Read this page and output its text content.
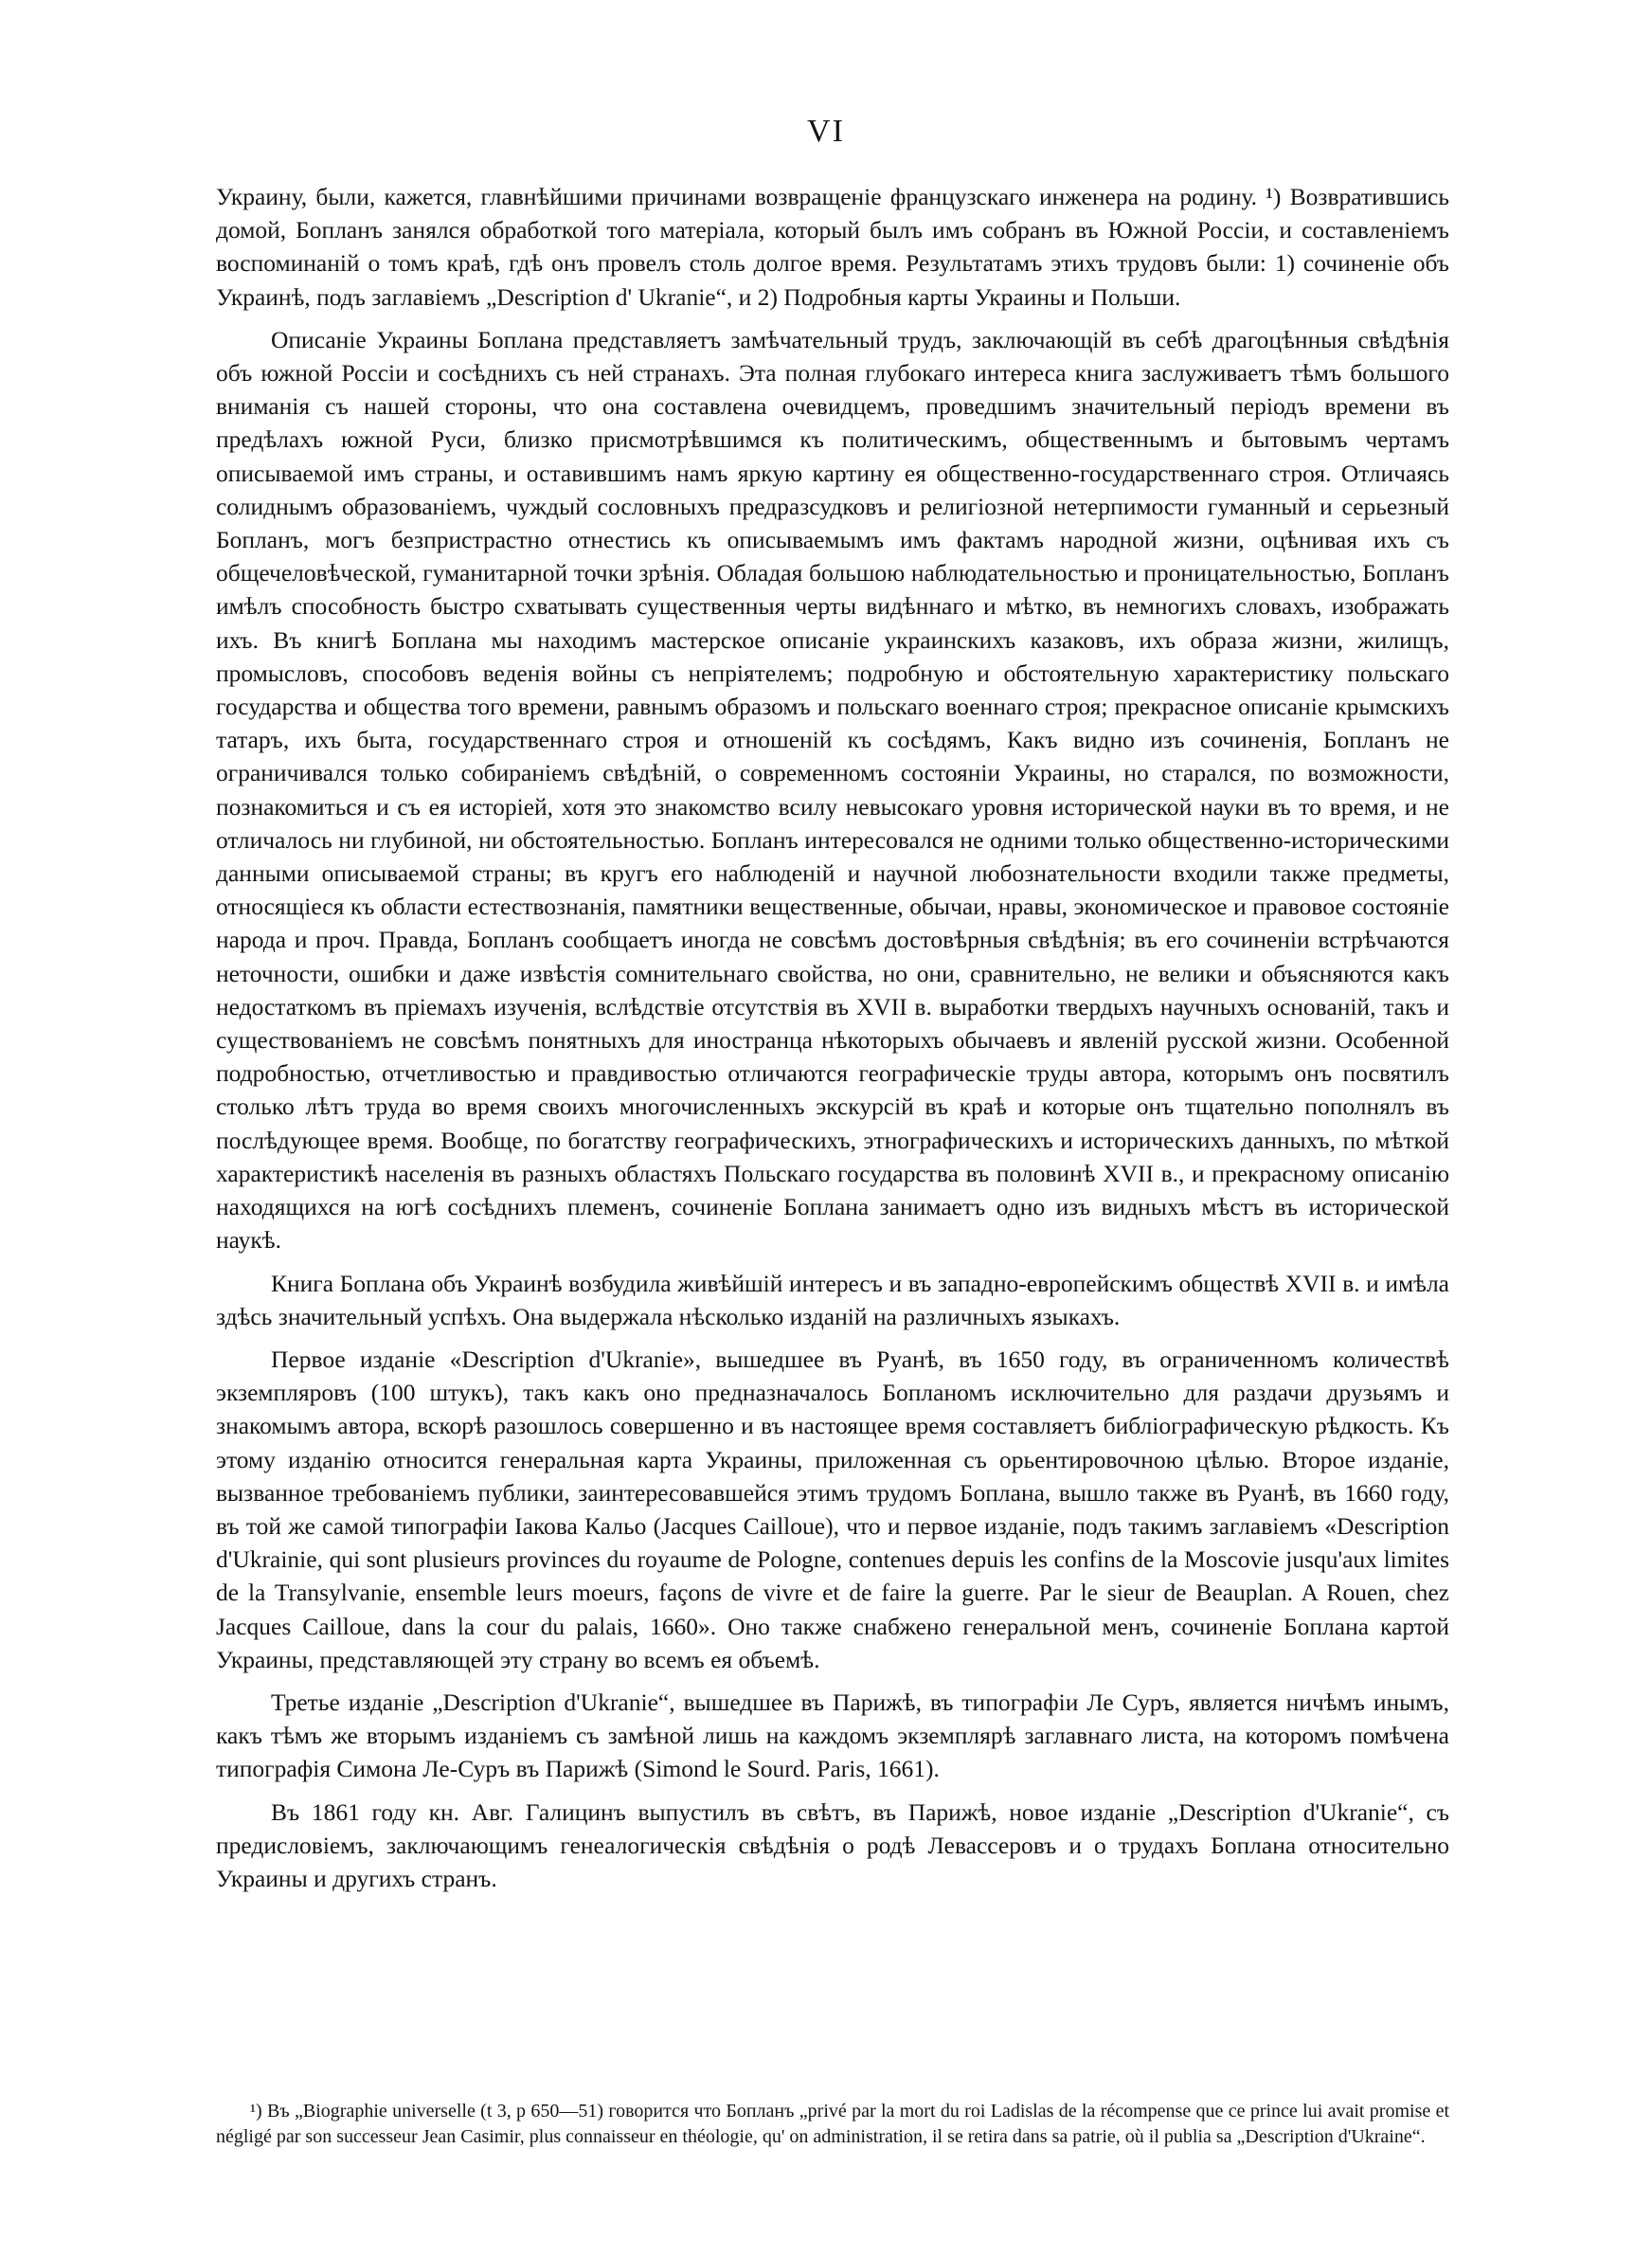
VI

Украину, были, кажется, главнѣйшими причинами возвращеніе французскаго инженера на родину. ¹) Возвратившись домой, Бопланъ занялся обработкой того матеріала, который былъ имъ собранъ въ Южной Россіи, и составленіемъ воспоминаній о томъ краѣ, гдѣ онъ провелъ столь долгое время. Результатамъ этихъ трудовъ были: 1) сочиненіе объ Украинѣ, подъ заглавіемъ „Description d' Ukranie“, и 2) Подробныя карты Украины и Польши.

Описаніе Украины Боплана представляетъ замѣчательный трудъ, заключающій въ себѣ драгоцѣнныя свѣдѣнія объ южной Россіи и сосѣднихъ съ ней странахъ. Эта полная глубокаго интереса книга заслуживаетъ тѣмъ большого вниманія съ нашей стороны, что она составлена очевидцемъ, проведшимъ значительный періодъ времени въ предѣлахъ южной Руси, близко присмотрѣвшимся къ политическимъ, общественнымъ и бытовымъ чертамъ описываемой имъ страны, и оставившимъ намъ яркую картину ея общественно-государственнаго строя. Отличаясь солиднымъ образованіемъ, чуждый сословныхъ предразсудковъ и религіозной нетерпимости гуманный и серьезный Бопланъ, могъ безпристрастно отнестись къ описываемымъ имъ фактамъ народной жизни, оцѣнивая ихъ съ общечеловѣческой, гуманитарной точки зрѣнія. Обладая большою наблюдательностью и проницательностью, Бопланъ имѣлъ способность быстро схватывать существенныя черты видѣннаго и мѣтко, въ немногихъ словахъ, изображать ихъ. Въ книгѣ Боплана мы находимъ мастерское описаніе украинскихъ казаковъ, ихъ образа жизни, жилищъ, промысловъ, способовъ веденія войны съ непріятелемъ; подробную и обстоятельную характеристику польскаго государства и общества того времени, равнымъ образомъ и польскаго военнаго строя; прекрасное описаніе крымскихъ татаръ, ихъ быта, государственнаго строя и отношеній къ сосѣдямъ, Какъ видно изъ сочиненія, Бопланъ не ограничивался только собираніемъ свѣдѣній, о современномъ состояніи Украины, но старался, по возможности, познакомиться и съ ея исторіей, хотя это знакомство всилу невысокаго уровня исторической науки въ то время, и не отличалось ни глубиной, ни обстоятельностью. Бопланъ интересовался не одними только общественно-историческими данными описываемой страны; въ кругъ его наблюденій и научной любознательности входили также предметы, относящіеся къ области естествознанія, памятники вещественные, обычаи, нравы, экономическое и правовое состояніе народа и проч. Правда, Бопланъ сообщаетъ иногда не совсѣмъ достовѣрныя свѣдѣнія; въ его сочиненіи встрѣчаются неточности, ошибки и даже извѣстія сомнительнаго свойства, но они, сравнительно, не велики и объясняются какъ недостаткомъ въ пріемахъ изученія, вслѣдствіе отсутствія въ XVII в. выработки твердыхъ научныхъ основаній, такъ и существованіемъ не совсѣмъ понятныхъ для иностранца нѣкоторыхъ обычаевъ и явленій русской жизни. Особенной подробностью, отчетливостью и правдивостью отличаются географическіе труды автора, которымъ онъ посвятилъ столько лѣтъ труда во время своихъ многочисленныхъ экскурсій въ краѣ и которые онъ тщательно пополнялъ въ послѣдующее время. Вообще, по богатству географическихъ, этнографическихъ и историческихъ данныхъ, по мѣткой характеристикѣ населенія въ разныхъ областяхъ Польскаго государства въ половинѣ XVII в., и прекрасному описанію находящихся на югѣ сосѣднихъ племенъ, сочиненіе Боплана занимаетъ одно изъ видныхъ мѣстъ въ исторической наукѣ.

Книга Боплана объ Украинѣ возбудила живѣйшій интересъ и въ западно-европейскимъ обществѣ XVII в. и имѣла здѣсь значительный успѣхъ. Она выдержала нѣсколько изданій на различныхъ языкахъ.

Первое изданіе «Description d'Ukranie», вышедшее въ Руанѣ, въ 1650 году, въ ограниченномъ количествѣ экземпляровъ (100 штукъ), такъ какъ оно предназначалось Бопланомъ исключительно для раздачи друзьямъ и знакомымъ автора, вскорѣ разошлось совершенно и въ настоящее время составляетъ библіографическую рѣдкость. Къ этому изданію относится генеральная карта Украины, приложенная съ орьентировочною цѣлью. Второе изданіе, вызванное требованіемъ публики, заинтересовавшейся этимъ трудомъ Боплана, вышло также въ Руанѣ, въ 1660 году, въ той же самой типографіи Іакова Кальо (Jacques Cailloue), что и первое изданіе, подъ такимъ заглавіемъ «Description d'Ukrainie, qui sont plusieurs provinces du royaume de Pologne, contenues depuis les confins de la Moscovie jusqu'aux limites de la Transylvanie, ensemble leurs moeurs, façons de vivre et de faire la guerre. Par le sieur de Beauplan. A Rouen, chez Jacques Cailloue, dans la cour du palais, 1660». Оно также снабжено генеральной менъ, сочиненіе Боплана картой Украины, представляющей эту страну во всемъ ея объемѣ.

Третье изданіе „Description d'Ukranie“, вышедшее въ Парижѣ, въ типографіи Ле Суръ, является ничѣмъ инымъ, какъ тѣмъ же вторымъ изданіемъ съ замѣной лишь на каждомъ экземплярѣ заглавнаго листа, на которомъ помѣчена типографія Симона Ле-Суръ въ Парижѣ (Simond le Sourd. Paris, 1661).

Въ 1861 году кн. Авг. Галицинъ выпустилъ въ свѣтъ, въ Парижѣ, новое изданіе „Description d'Ukranie“, съ предисловіемъ, заключающимъ генеалогическія свѣдѣнія о родѣ Левассеровъ и о трудахъ Боплана относительно Украины и другихъ странъ.

¹) Въ „Biographie universelle (t 3, p 650—51) говорится что Бопланъ „privé par la mort du roi Ladislas de la récompense que ce prince lui avait promise et négligé par son successeur Jean Casimir, plus connaisseur en théologie, qu' on administration, il se retira dans sa patrie, où il publia sa „Description d'Ukraine“.
